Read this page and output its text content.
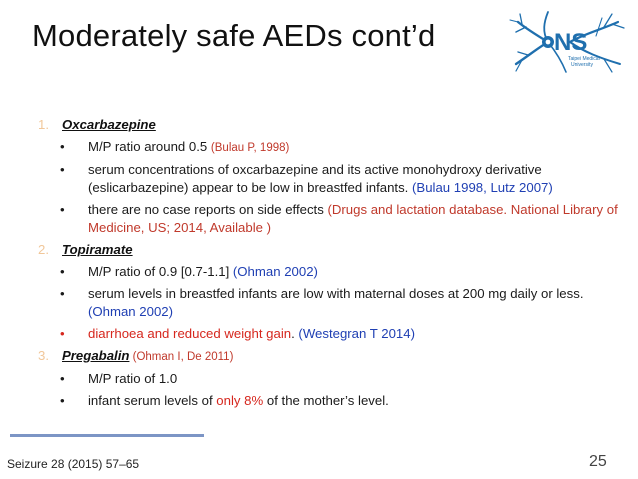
Moderately safe AEDs cont’d	NS
Taipei Medical
University
1. Oxcarbazepine
• M/P ratio around 0.5 (Bulau P, 1998)
• serum concentrations of oxcarbazepine and its active monohydroxy derivative (eslicarbazepine) appear to be low in breastfed infants. (Bulau 1998, Lutz 2007)
• there are no case reports on side effects (Drugs and lactation database. National Library of Medicine, US; 2014, Available )
2. Topiramate
• M/P ratio of 0.9 [0.7-1.1] (Ohman 2002)
• serum levels in breastfed infants are low with maternal doses at 200 mg daily or less. (Ohman 2002)
• diarrhoea and reduced weight gain. (Westegran T 2014)
3. Pregabalin (Ohman I, De 2011)
• M/P ratio of 1.0
• infant serum levels of only 8% of the mother’s level.
Seizure 28 (2015) 57–65	25
